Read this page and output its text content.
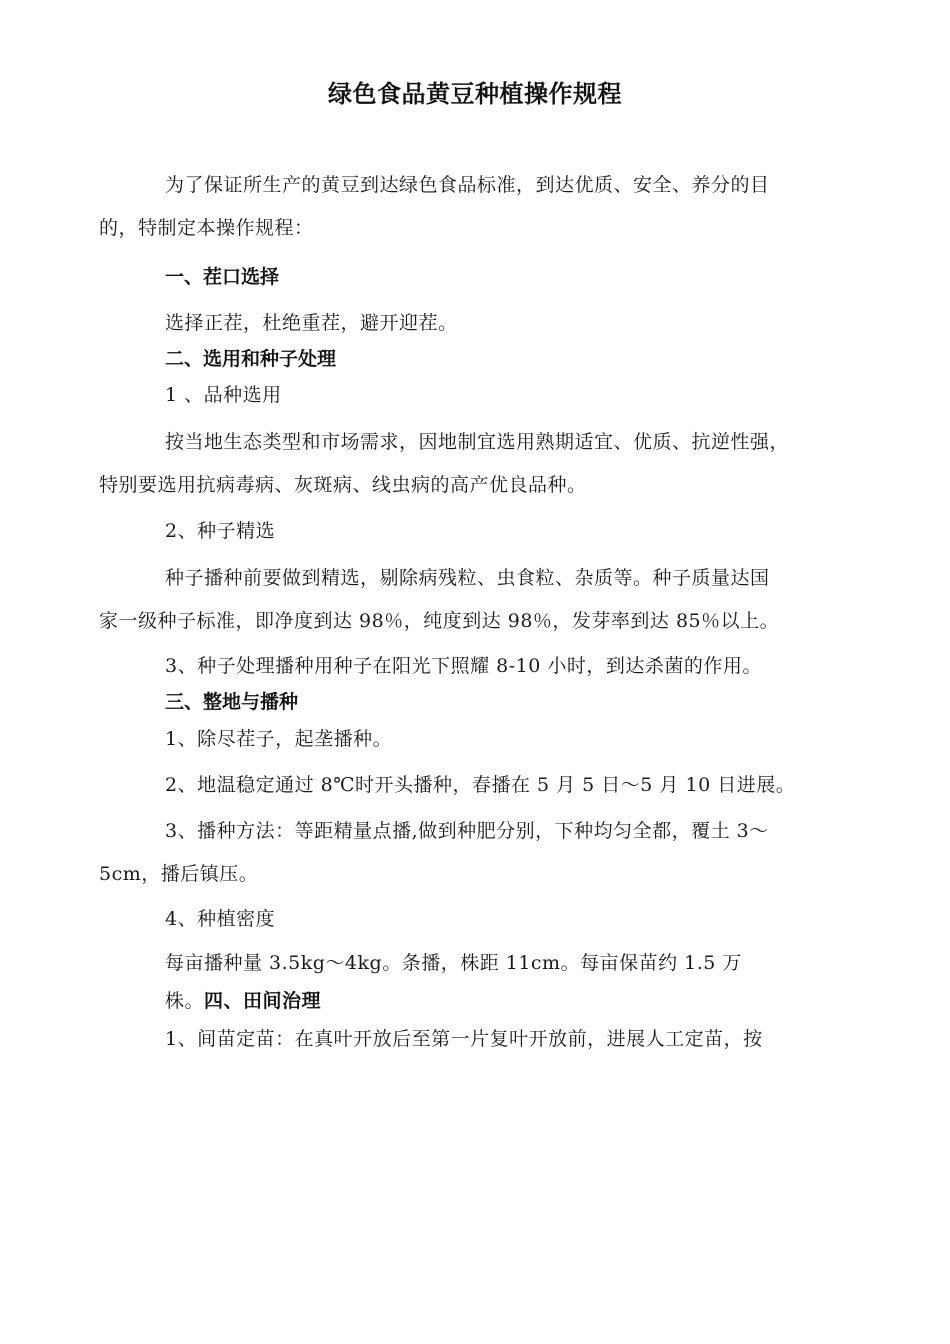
绿色食品黄豆种植操作规程

为了保证所生产的黄豆到达绿色食品标准，到达优质、安全、养分的目

的，特制定本操作规程：

一、茬口选择

选择正茬，杜绝重茬，避开迎茬。

二、选用和种子处理

1 、品种选用

按当地生态类型和市场需求，因地制宜选用熟期适宜、优质、抗逆性强，

特别要选用抗病毒病、灰斑病、线虫病的高产优良品种。

2、种子精选

种子播种前要做到精选，剔除病残粒、虫食粒、杂质等。种子质量达国

家一级种子标准，即净度到达 98％，纯度到达 98％，发芽率到达 85％以上。

3、种子处理播种用种子在阳光下照耀 8-10 小时，到达杀菌的作用。

三、整地与播种

1、除尽茬子，起垄播种。

2、地温稳定通过 8℃时开头播种，春播在 5 月 5 日～5 月 10 日进展。

3、播种方法：等距精量点播,做到种肥分别，下种均匀全都，覆土 3～

5cm，播后镇压。

4、种植密度

每亩播种量 3.5kg～4kg。条播，株距 11cm。每亩保苗约 1.5 万

株。四、田间治理

1、间苗定苗：在真叶开放后至第一片复叶开放前，进展人工定苗，按
